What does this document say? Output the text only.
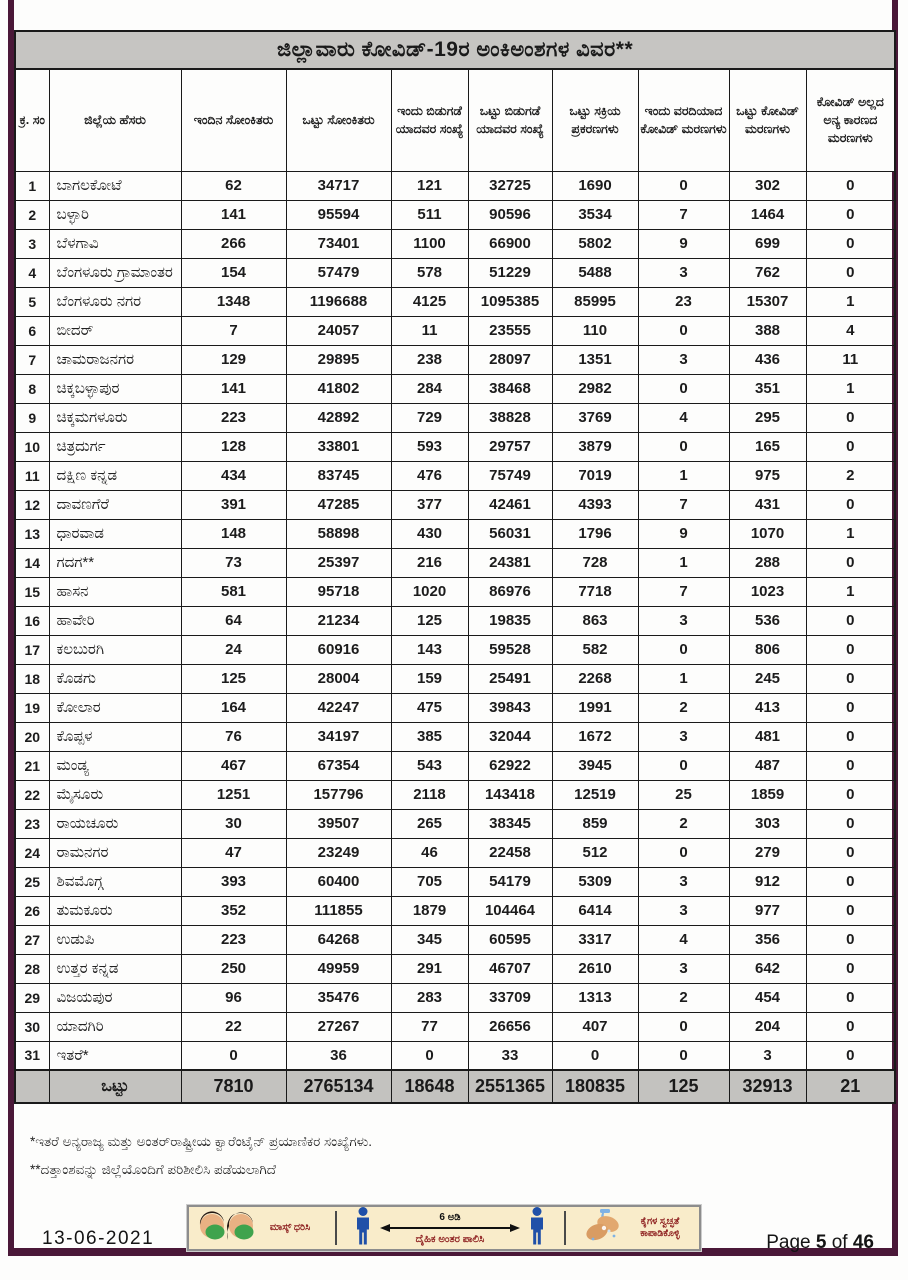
ಜಿಲ್ಲಾವಾರು ಕೋವಿಡ್-19ರ ಅಂಕಿಅಂಶಗಳ ವಿವರ**									
ಕ್ರ. ಸಂ	ಜಿಲ್ಲೆಯ ಹೆಸರು	ಇಂದಿನ ಸೋಂಕಿತರು	ಒಟ್ಟು ಸೋಂಕಿತರು	ಇಂದು ಬಿಡುಗಡೆ ಯಾದವರ ಸಂಖ್ಯೆ	ಒಟ್ಟು ಬಿಡುಗಡೆ ಯಾದವರ ಸಂಖ್ಯೆ	ಒಟ್ಟು ಸಕ್ರಿಯ ಪ್ರಕರಣಗಳು	ಇಂದು ವರದಿಯಾದ ಕೋವಿಡ್ ಮರಣಗಳು	ಒಟ್ಟು ಕೋವಿಡ್ ಮರಣಗಳು	ಕೋವಿಡ್ ಅಲ್ಲದ ಅನ್ಯ ಕಾರಣದ ಮರಣಗಳು
1	ಬಾಗಲಕೋಟೆ	62	34717	121	32725	1690	0	302	0
2	ಬಳ್ಳಾರಿ	141	95594	511	90596	3534	7	1464	0
3	ಬೆಳಗಾವಿ	266	73401	1100	66900	5802	9	699	0
4	ಬೆಂಗಳೂರು ಗ್ರಾಮಾಂತರ	154	57479	578	51229	5488	3	762	0
5	ಬೆಂಗಳೂರು ನಗರ	1348	1196688	4125	1095385	85995	23	15307	1
6	ಬೀದರ್	7	24057	11	23555	110	0	388	4
7	ಚಾಮರಾಜನಗರ	129	29895	238	28097	1351	3	436	11
8	ಚಿಕ್ಕಬಳ್ಳಾಪುರ	141	41802	284	38468	2982	0	351	1
9	ಚಿಕ್ಕಮಗಳೂರು	223	42892	729	38828	3769	4	295	0
10	ಚಿತ್ರದುರ್ಗ	128	33801	593	29757	3879	0	165	0
11	ದಕ್ಷಿಣ ಕನ್ನಡ	434	83745	476	75749	7019	1	975	2
12	ದಾವಣಗೆರೆ	391	47285	377	42461	4393	7	431	0
13	ಧಾರವಾಡ	148	58898	430	56031	1796	9	1070	1
14	ಗದಗ**	73	25397	216	24381	728	1	288	0
15	ಹಾಸನ	581	95718	1020	86976	7718	7	1023	1
16	ಹಾವೇರಿ	64	21234	125	19835	863	3	536	0
17	ಕಲಬುರಗಿ	24	60916	143	59528	582	0	806	0
18	ಕೊಡಗು	125	28004	159	25491	2268	1	245	0
19	ಕೋಲಾರ	164	42247	475	39843	1991	2	413	0
20	ಕೊಪ್ಪಳ	76	34197	385	32044	1672	3	481	0
21	ಮಂಡ್ಯ	467	67354	543	62922	3945	0	487	0
22	ಮೈಸೂರು	1251	157796	2118	143418	12519	25	1859	0
23	ರಾಯಚೂರು	30	39507	265	38345	859	2	303	0
24	ರಾಮನಗರ	47	23249	46	22458	512	0	279	0
25	ಶಿವಮೊಗ್ಗ	393	60400	705	54179	5309	3	912	0
26	ತುಮಕೂರು	352	111855	1879	104464	6414	3	977	0
27	ಉಡುಪಿ	223	64268	345	60595	3317	4	356	0
28	ಉತ್ತರ ಕನ್ನಡ	250	49959	291	46707	2610	3	642	0
29	ವಿಜಯಪುರ	96	35476	283	33709	1313	2	454	0
30	ಯಾದಗಿರಿ	22	27267	77	26656	407	0	204	0
31	ಇತರೆ*	0	36	0	33	0	0	3	0
	ಒಟ್ಟು	7810	2765134	18648	2551365	180835	125	32913	21
*ಇತರೆ ಅನ್ಯರಾಜ್ಯ ಮತ್ತು ಅಂತರ್‌ರಾಷ್ಟ್ರೀಯ ಕ್ವಾರೆಂಟೈನ್ ಪ್ರಯಾಣಿಕರ ಸಂಖ್ಯೆಗಳು.
**ದತ್ತಾಂಶವನ್ನು ಜಿಲ್ಲೆಯೊಂದಿಗೆ ಪರಿಶೀಲಿಸಿ ಪಡೆಯಲಾಗಿದೆ
13-06-2021
ಮಾಸ್ಕ್ ಧರಿಸಿ
6 ಅಡಿ
ದೈಹಿಕ ಅಂತರ ಪಾಲಿಸಿ
ಕೈಗಳ ಸ್ವಚ್ಛತೆ ಕಾಪಾಡಿಕೊಳ್ಳಿ	Page 5 of 46
